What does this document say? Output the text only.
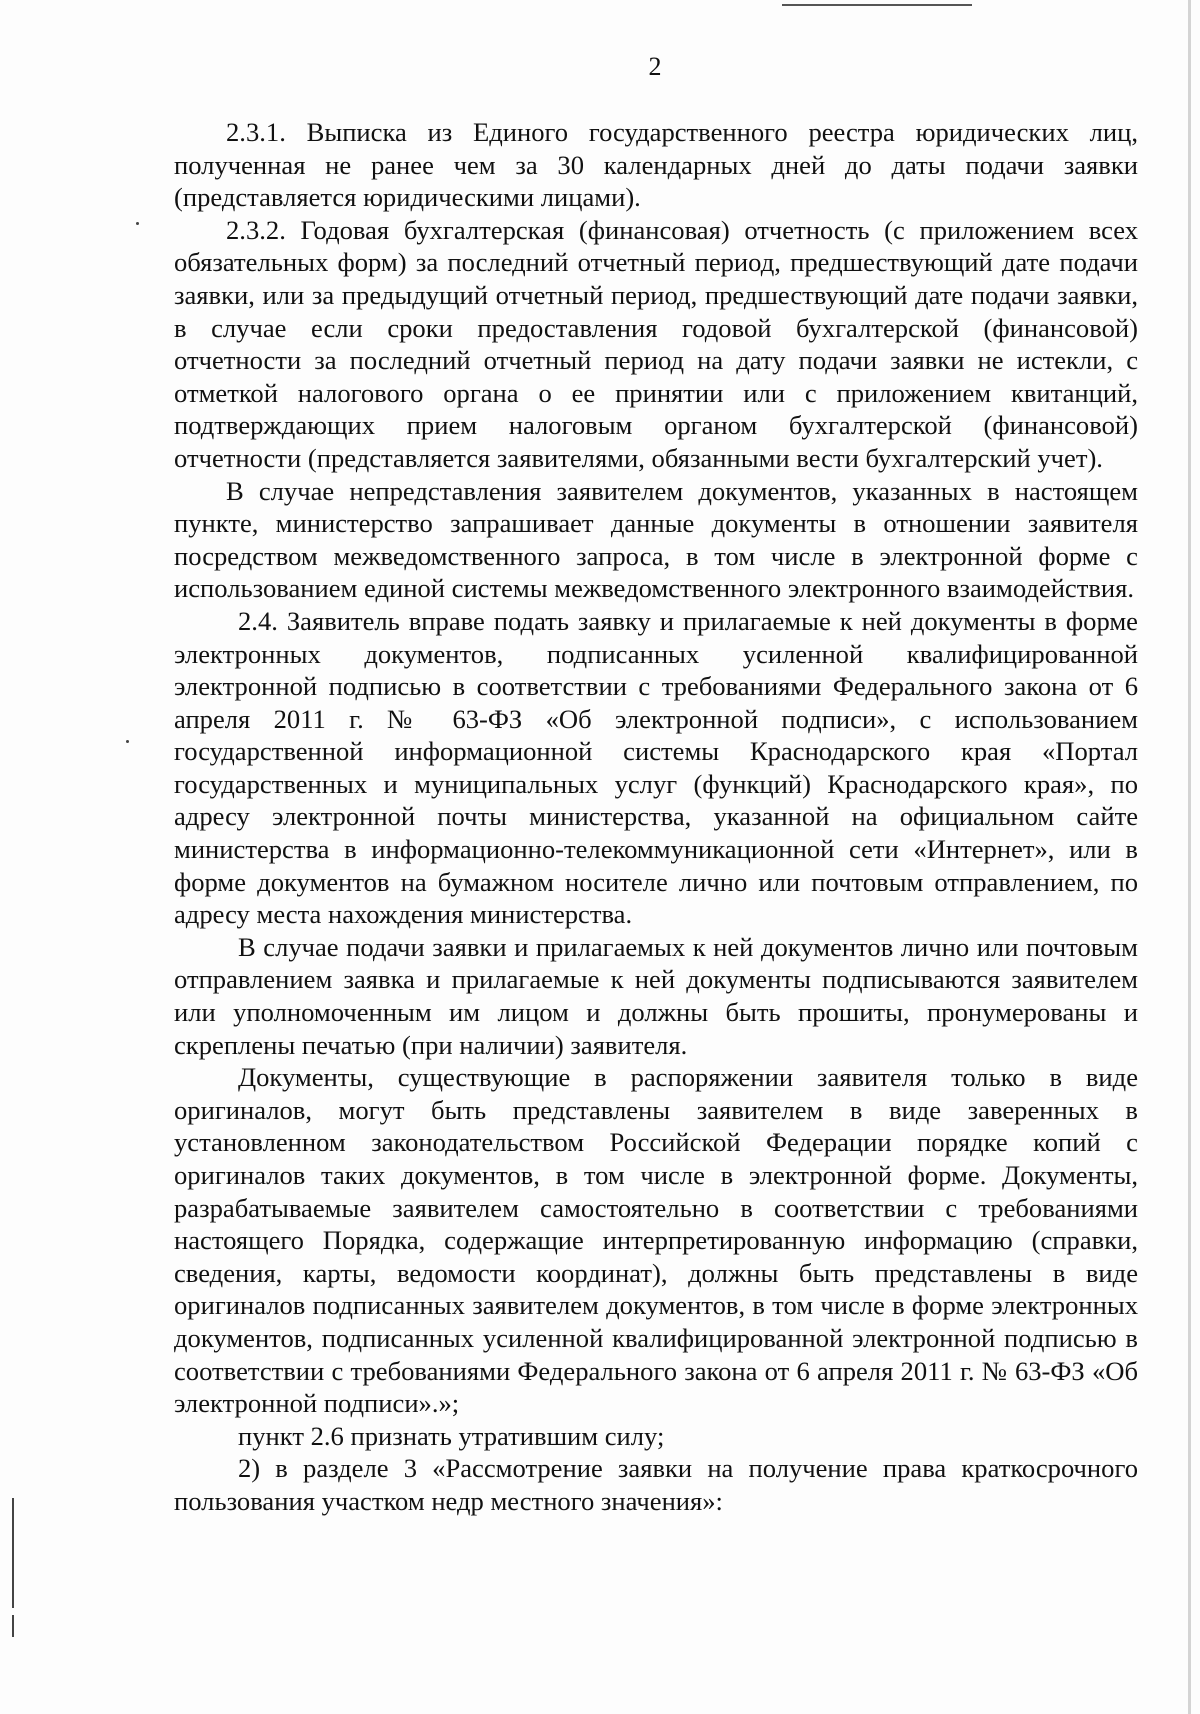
2

2.3.1. Выписка из Единого государственного реестра юридических лиц, полученная не ранее чем за 30 календарных дней до даты подачи заявки (представляется юридическими лицами).

2.3.2. Годовая бухгалтерская (финансовая) отчетность (с приложением всех обязательных форм) за последний отчетный период, предшествующий дате подачи заявки, или за предыдущий отчетный период, предшествующий дате подачи заявки, в случае если сроки предоставления годовой бухгалтерской (финансовой) отчетности за последний отчетный период на дату подачи заявки не истекли, с отметкой налогового органа о ее принятии или с приложением квитанций, подтверждающих прием налоговым органом бухгалтерской (финансовой) отчетности (представляется заявителями, обязанными вести бухгалтерский учет).

В случае непредставления заявителем документов, указанных в настоящем пункте, министерство запрашивает данные документы в отношении заявителя посредством межведомственного запроса, в том числе в электронной форме с использованием единой системы межведомственного электронного взаимодействия.

2.4. Заявитель вправе подать заявку и прилагаемые к ней документы в форме электронных документов, подписанных усиленной квалифицированной электронной подписью в соответствии с требованиями Федерального закона от 6 апреля 2011 г. № 63-ФЗ «Об электронной подписи», с использованием государственной информационной системы Краснодарского края «Портал государственных и муниципальных услуг (функций) Краснодарского края», по адресу электронной почты министерства, указанной на официальном сайте министерства в информационно-телекоммуникационной сети «Интернет», или в форме документов на бумажном носителе лично или почтовым отправлением, по адресу места нахождения министерства.

В случае подачи заявки и прилагаемых к ней документов лично или почтовым отправлением заявка и прилагаемые к ней документы подписываются заявителем или уполномоченным им лицом и должны быть прошиты, пронумерованы и скреплены печатью (при наличии) заявителя.

Документы, существующие в распоряжении заявителя только в виде оригиналов, могут быть представлены заявителем в виде заверенных в установленном законодательством Российской Федерации порядке копий с оригиналов таких документов, в том числе в электронной форме. Документы, разрабатываемые заявителем самостоятельно в соответствии с требованиями настоящего Порядка, содержащие интерпретированную информацию (справки, сведения, карты, ведомости координат), должны быть представлены в виде оригиналов подписанных заявителем документов, в том числе в форме электронных документов, подписанных усиленной квалифицированной электронной подписью в соответствии с требованиями Федерального закона от 6 апреля 2011 г. № 63-ФЗ «Об электронной подписи».»;

пункт 2.6 признать утратившим силу;

2) в разделе 3 «Рассмотрение заявки на получение права краткосрочного пользования участком недр местного значения»:
